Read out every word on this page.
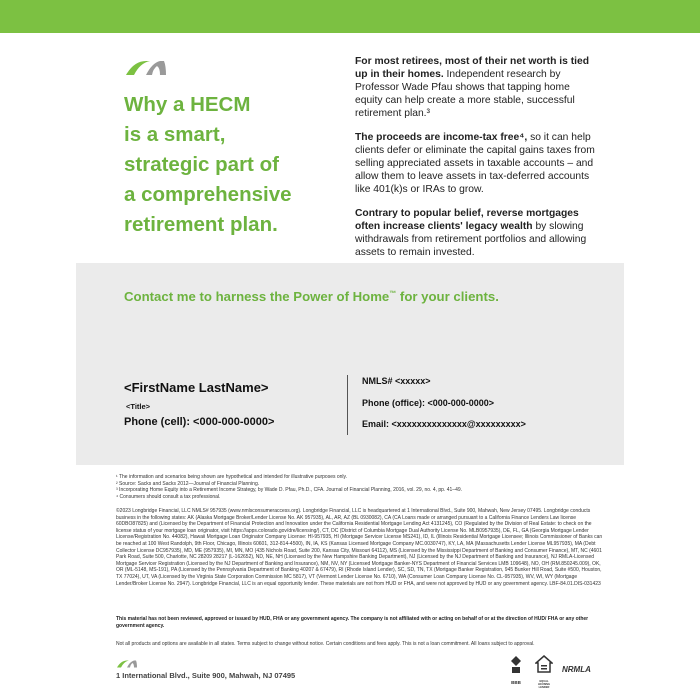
Why a HECM
is a smart,
strategic part of
a comprehensive
retirement plan.

For most retirees, most of their net worth is tied up in their homes. Independent research by Professor Wade Pfau shows that tapping home equity can help create a more stable, successful retirement plan.³

The proceeds are income-tax free⁴, so it can help clients defer or eliminate the capital gains taxes from selling appreciated assets in taxable accounts – and allow them to leave assets in tax-deferred accounts like 401(k)s or IRAs to grow.

Contrary to popular belief, reverse mortgages often increase clients' legacy wealth by slowing withdrawals from retirement portfolios and allowing assets to remain invested.

Contact me to harness the Power of Home™ for your clients.
<FirstName LastName>
<Title>
Phone (cell): <000-000-0000>
NMLS# <xxxxx>
Phone (office): <000-000-0000>
Email: <xxxxxxxxxxxxxx@xxxxxxxxx>

¹ The information and scenarios being shown are hypothetical and intended for illustrative purposes only.

² Source: Sacks and Sacks 2012—Journal of Financial Planning.

³ Incorporating Home Equity into a Retirement Income Strategy, by Wade D. Pfau, Ph.D., CFA. Journal of Financial Planning, 2016, vol. 29, no. 4, pp. 41–49.

⁴ Consumers should consult a tax professional.

©2023 Longbridge Financial, LLC NMLS# 957935 (www.nmlsconsumeraccess.org). Longbridge Financial, LLC is headquartered at 1 International Blvd., Suite 900, Mahwah, New Jersey 07495. Longbridge conducts business in the following states: AK (Alaska Mortgage Broker/Lender License No. AK 957935), AL, AR, AZ (BL 0930082), CA (CA Loans made or arranged pursuant to a California Finance Lenders Law license 60DBO87825) and (Licensed by the Department of Financial Protection and Innovation under the California Residential Mortgage Lending Act 4131245), CO (Regulated by the Division of Real Estate: to check on the license status of your mortgage loan originator, visit https://apps.colorado.gov/dre/licensing/), CT, DC (District of Columbia Mortgage Dual Authority License No. MLB0957935), DE, FL, GA (Georgia Mortgage Lender License/Registration No. 44082), Hawaii Mortgage Loan Originator Company License: HI-957935, HI (Mortgage Servicer License MS241), ID, IL (Illinois Residential Mortgage Licensee; Illinois Commissioner of Banks can be reached at 100 West Randolph, 9th Floor, Chicago, Illinois 60601, 312-814-4500), IN, IA, KS (Kansas Licensed Mortgage Company MC.0030747), KY, LA, MA (Massachusetts Lender License ML957935), MA (Debt Collector License DC957935), MD, ME (957935), MI, MN, MO (435 Nichols Road, Suite 200, Kansas City, Missouri 64112), MS (Licensed by the Mississippi Department of Banking and Consumer Finance), MT, NC (4601 Park Road, Suite 500, Charlotte, NC 28209 28217 (L-162652), ND, NE, NH (Licensed by the New Hampshire Banking Department), NJ (Licensed by the NJ Department of Banking and Insurance), NJ RMLA-Licensed Mortgage Servicer Registration (Licensed by the NJ Department of Banking and Insurance), NM, NV, NY (Licensed Mortgage Banker-NYS Department of Financial Services LMB 109648), NO, OH (RM.850245.009), OK, OR (ML-5148, MS-191), PA (Licensed by the Pennsylvania Department of Banking 40207 & 67479), RI (Rhode Island Lender), SC, SD, TN, TX (Mortgage Banker Registration, 945 Bunker Hill Road, Suite #500, Houston, TX 77024), UT, VA (Licensed by the Virginia State Corporation Commission MC 5817), VT (Vermont Lender License No. 6710), WA (Consumer Loan Company License No. CL-957935), WV, WI, WY (Mortgage Lender/Broker License No. 2947). Longbridge Financial, LLC is an equal opportunity lender. These materials are not from HUD or FHA, and were not approved by HUD or any government agency. LBF-84.01.DIS-031423
This material has not been reviewed, approved or issued by HUD, FHA or any government agency. The company is not affiliated with or acting on behalf of or at the direction of HUD/ FHA or any other government agency.
Not all products and options are available in all states. Terms subject to change without notice. Certain conditions and fees apply. This is not a loan commitment. All loans subject to approval.
1 International Blvd., Suite 900, Mahwah, NJ 07495
BBB	EQUAL HOUSING LENDER
NRMLA
